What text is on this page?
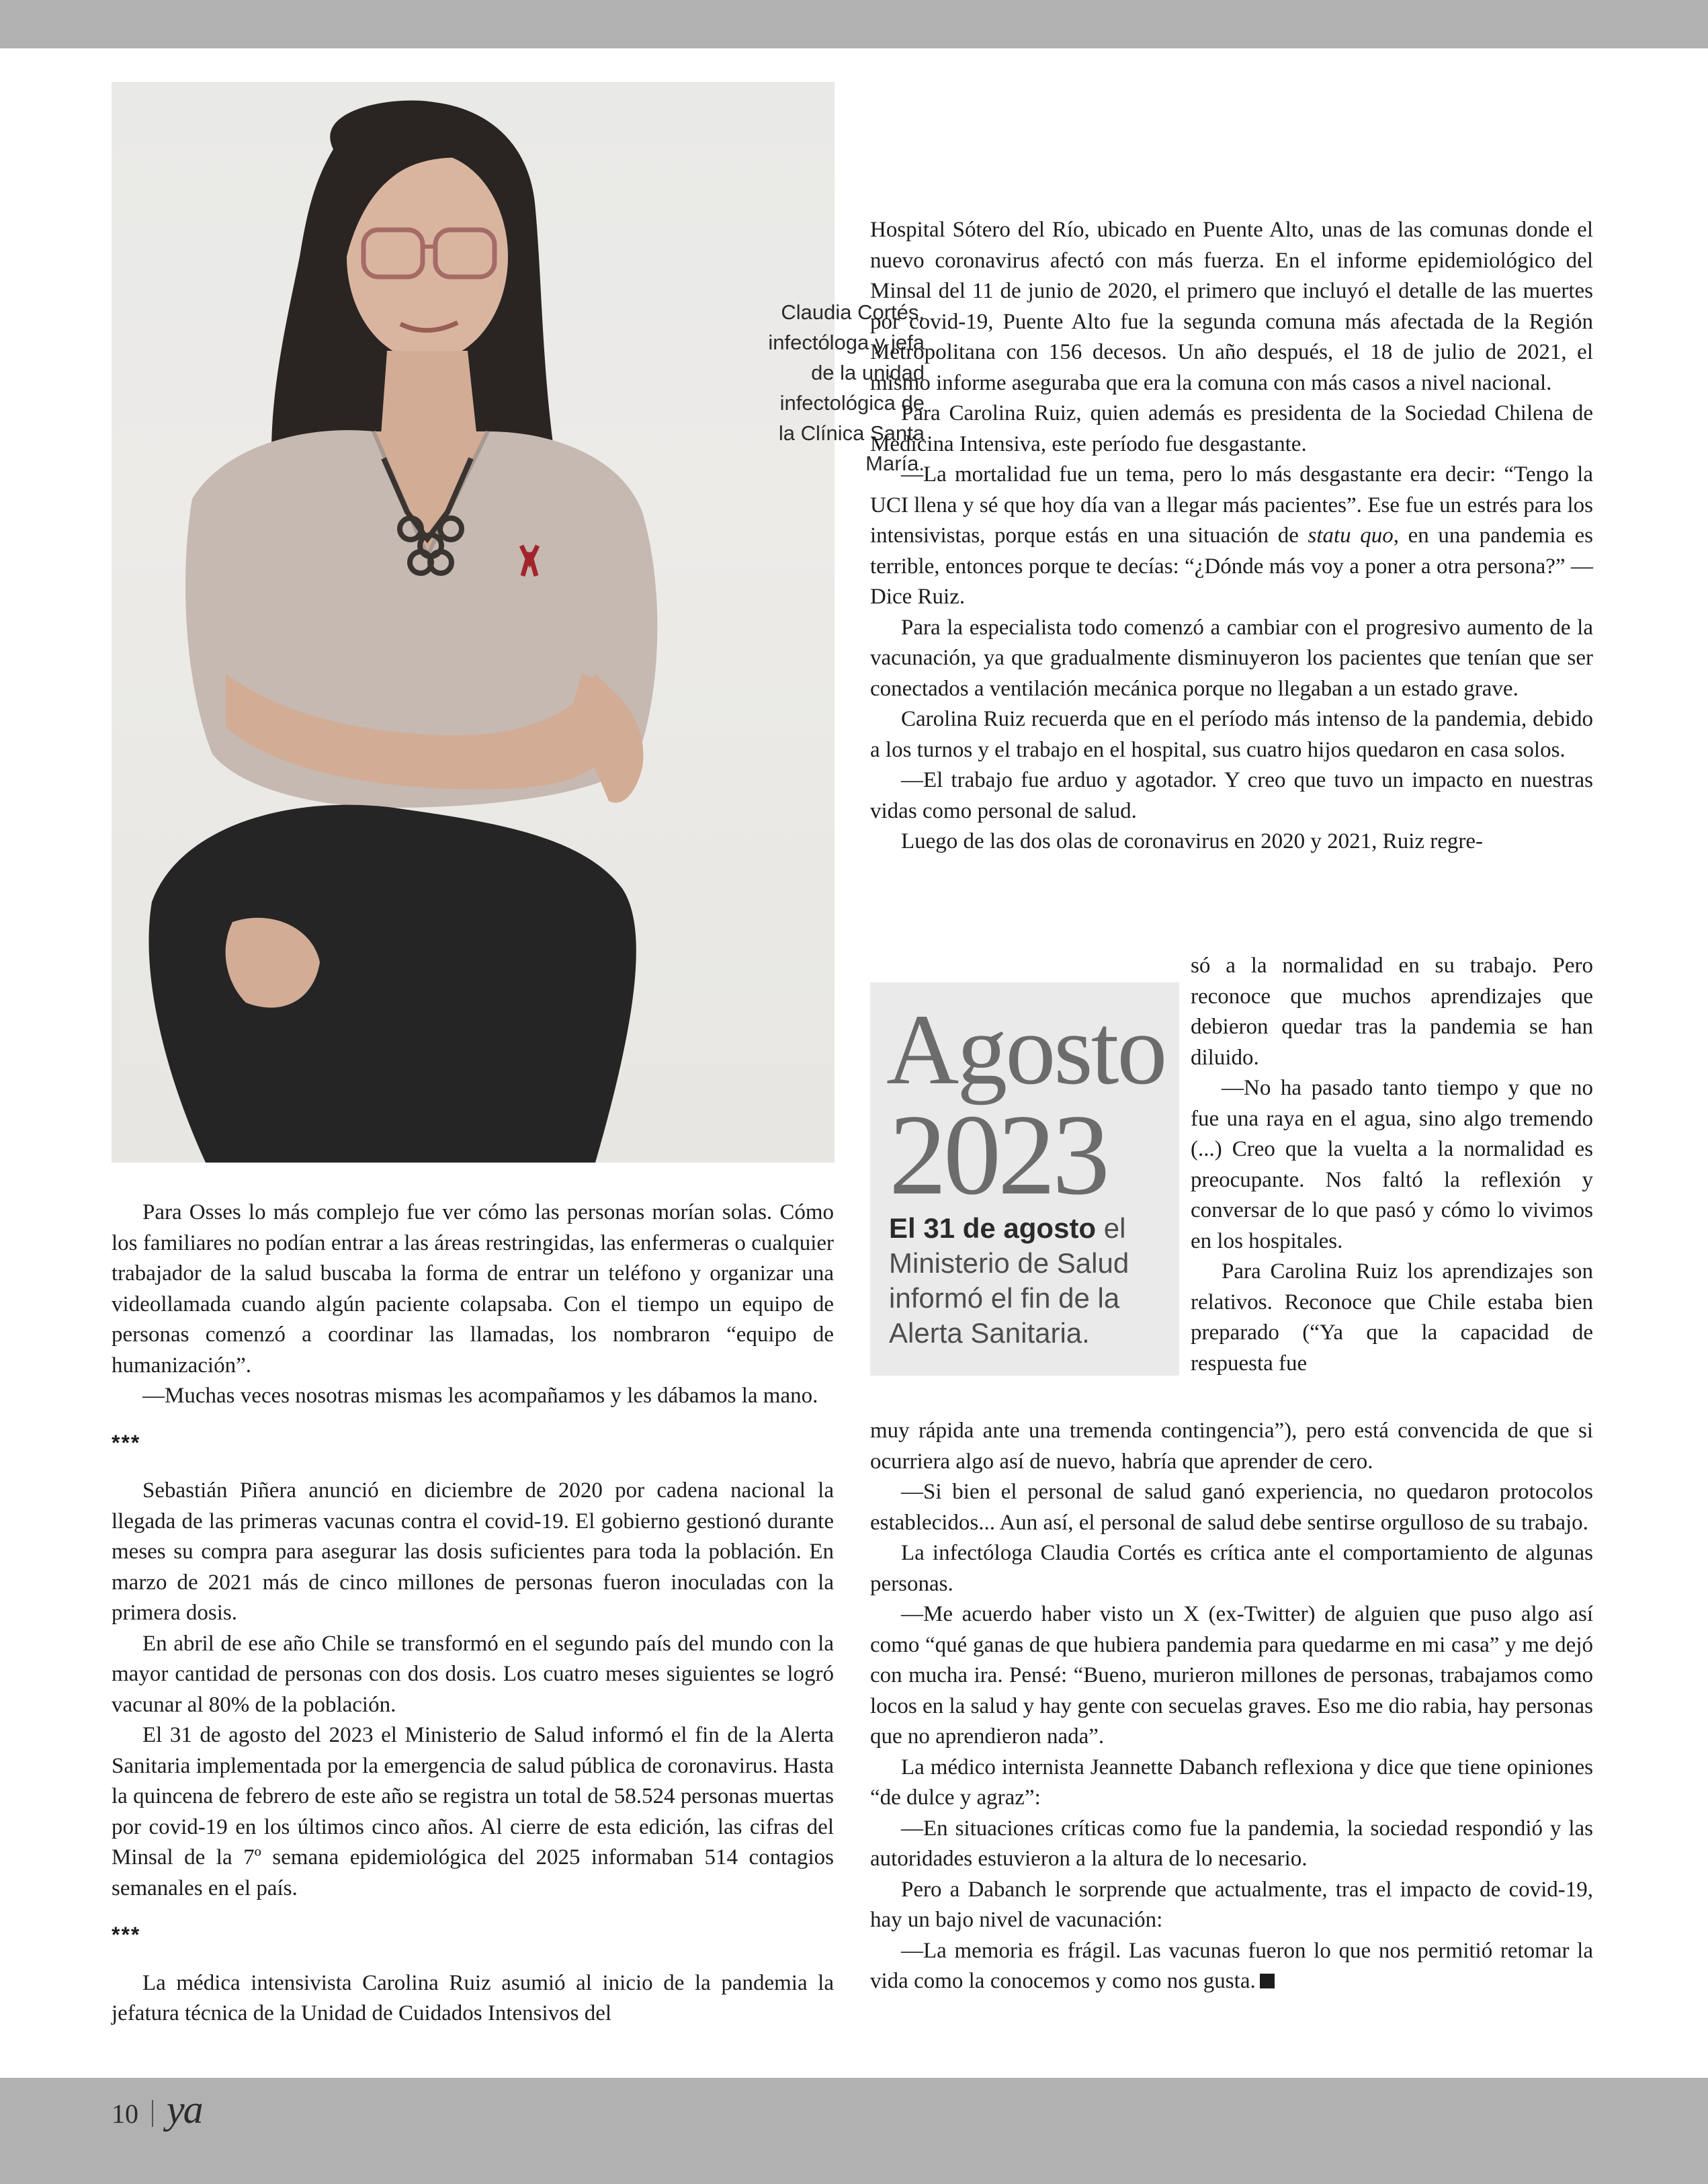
Claudia Cortés,
infectóloga y jefa
de la unidad
infectológica de
la Clínica Santa
María.

Para Osses lo más complejo fue ver cómo las personas morían solas. Cómo los familiares no podían entrar a las áreas restringidas, las enfermeras o cualquier trabajador de la salud buscaba la forma de entrar un teléfono y organizar una videollamada cuando algún paciente colapsaba. Con el tiempo un equipo de personas comenzó a coordinar las llamadas, los nombraron “equipo de humanización”.

—Muchas veces nosotras mismas les acompañamos y les dábamos la mano.

***

Sebastián Piñera anunció en diciembre de 2020 por cadena nacional la llegada de las primeras vacunas contra el covid-19. El gobierno gestionó durante meses su compra para asegurar las dosis suficientes para toda la población. En marzo de 2021 más de cinco millones de personas fueron inoculadas con la primera dosis.

En abril de ese año Chile se transformó en el segundo país del mundo con la mayor cantidad de personas con dos dosis. Los cuatro meses siguientes se logró vacunar al 80% de la población.

El 31 de agosto del 2023 el Ministerio de Salud informó el fin de la Alerta Sanitaria implementada por la emergencia de salud pública de coronavirus. Hasta la quincena de febrero de este año se registra un total de 58.524 personas muertas por covid-19 en los últimos cinco años. Al cierre de esta edición, las cifras del Minsal de la 7º semana epidemiológica del 2025 informaban 514 contagios semanales en el país.

***

La médica intensivista Carolina Ruiz asumió al inicio de la pandemia la jefatura técnica de la Unidad de Cuidados Intensivos del

Hospital Sótero del Río, ubicado en Puente Alto, unas de las comunas donde el nuevo coronavirus afectó con más fuerza. En el informe epidemiológico del Minsal del 11 de junio de 2020, el primero que incluyó el detalle de las muertes por covid-19, Puente Alto fue la segunda comuna más afectada de la Región Metropolitana con 156 decesos. Un año después, el 18 de julio de 2021, el mismo informe aseguraba que era la comuna con más casos a nivel nacional.

Para Carolina Ruiz, quien además es presidenta de la Sociedad Chilena de Medicina Intensiva, este período fue desgastante.

—La mortalidad fue un tema, pero lo más desgastante era decir: “Tengo la UCI llena y sé que hoy día van a llegar más pacientes”. Ese fue un estrés para los intensivistas, porque estás en una situación de statu quo, en una pandemia es terrible, entonces porque te decías: “¿Dónde más voy a poner a otra persona?” —Dice Ruiz.

Para la especialista todo comenzó a cambiar con el progresivo aumento de la vacunación, ya que gradualmente disminuyeron los pacientes que tenían que ser conectados a ventilación mecánica porque no llegaban a un estado grave.

Carolina Ruiz recuerda que en el período más intenso de la pandemia, debido a los turnos y el trabajo en el hospital, sus cuatro hijos quedaron en casa solos.

—El trabajo fue arduo y agotador. Y creo que tuvo un impacto en nuestras vidas como personal de salud.

Luego de las dos olas de coronavirus en 2020 y 2021, Ruiz regre-

Agosto
2023
El 31 de agosto el Ministerio de Salud informó el fin de la Alerta Sanitaria.

só a la normalidad en su trabajo. Pero reconoce que muchos aprendizajes que debieron quedar tras la pandemia se han diluido.

—No ha pasado tanto tiempo y que no fue una raya en el agua, sino algo tremendo (...) Creo que la vuelta a la normalidad es preocupante. Nos faltó la reflexión y conversar de lo que pasó y cómo lo vivimos en los hospitales.

Para Carolina Ruiz los aprendizajes son relativos. Reconoce que Chile estaba bien preparado (“Ya que la capacidad de respuesta fue

muy rápida ante una tremenda contingencia”), pero está convencida de que si ocurriera algo así de nuevo, habría que aprender de cero.

—Si bien el personal de salud ganó experiencia, no quedaron protocolos establecidos... Aun así, el personal de salud debe sentirse orgulloso de su trabajo.

La infectóloga Claudia Cortés es crítica ante el comportamiento de algunas personas.

—Me acuerdo haber visto un X (ex-Twitter) de alguien que puso algo así como “qué ganas de que hubiera pandemia para quedarme en mi casa” y me dejó con mucha ira. Pensé: “Bueno, murieron millones de personas, trabajamos como locos en la salud y hay gente con secuelas graves. Eso me dio rabia, hay personas que no aprendieron nada”.

La médico internista Jeannette Dabanch reflexiona y dice que tiene opiniones “de dulce y agraz”:

—En situaciones críticas como fue la pandemia, la sociedad respondió y las autoridades estuvieron a la altura de lo necesario.

Pero a Dabanch le sorprende que actualmente, tras el impacto de covid-19, hay un bajo nivel de vacunación:

—La memoria es frágil. Las vacunas fueron lo que nos permitió retomar la vida como la conocemos y como nos gusta.

10 ya
